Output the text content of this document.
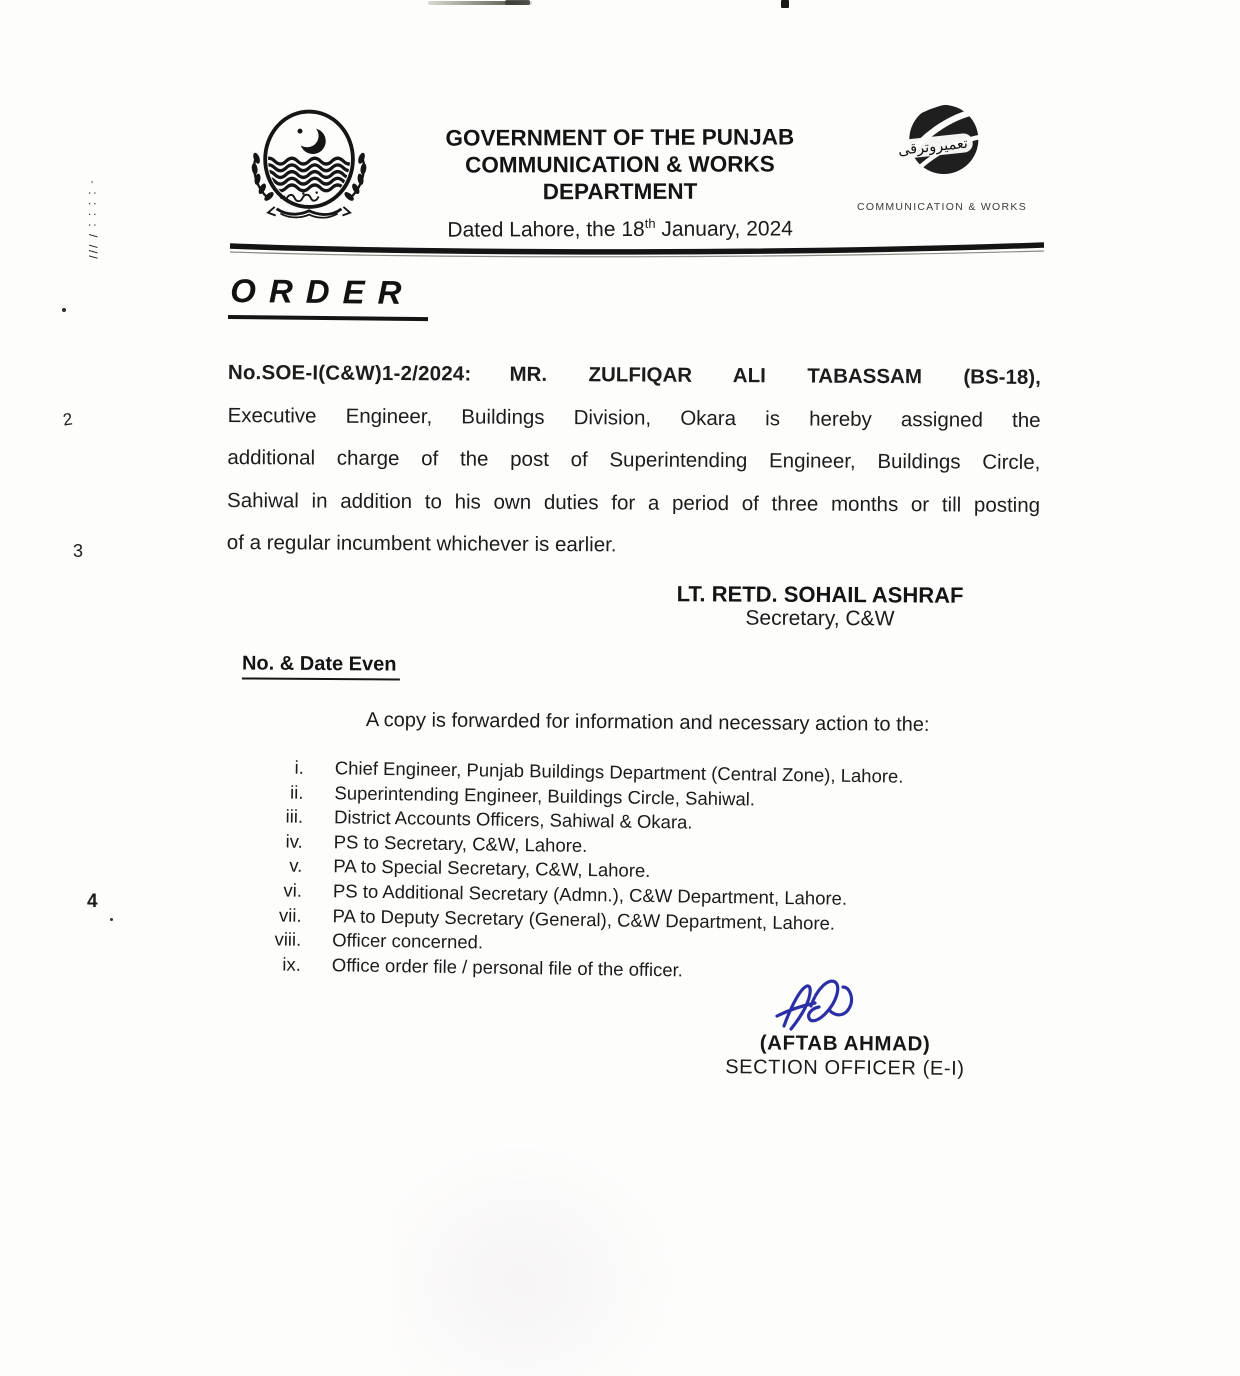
· : : : : / ///
2
3
4
GOVERNMENT OF THE PUNJAB
COMMUNICATION & WORKS DEPARTMENT
Dated Lahore, the 18th January, 2024
تعميروترقى
COMMUNICATION & WORKS
ORDER
No.SOE-I(C&W)1-2/2024: MR. ZULFIQAR ALI TABASSAM (BS-18),
Executive Engineer, Buildings Division, Okara is hereby assigned the
additional charge of the post of Superintending Engineer, Buildings Circle,
Sahiwal in addition to his own duties for a period of three months or till posting
of a regular incumbent whichever is earlier.
LT. RETD. SOHAIL ASHRAF
Secretary, C&W
No. & Date Even
A copy is forwarded for information and necessary action to the:
i. Chief Engineer, Punjab Buildings Department (Central Zone), Lahore.
ii. Superintending Engineer, Buildings Circle, Sahiwal.
iii. District Accounts Officers, Sahiwal & Okara.
iv. PS to Secretary, C&W, Lahore.
v. PA to Special Secretary, C&W, Lahore.
vi. PS to Additional Secretary (Admn.), C&W Department, Lahore.
vii. PA to Deputy Secretary (General), C&W Department, Lahore.
viii. Officer concerned.
ix. Office order file / personal file of the officer.
(AFTAB AHMAD)
SECTION OFFICER (E-I)
